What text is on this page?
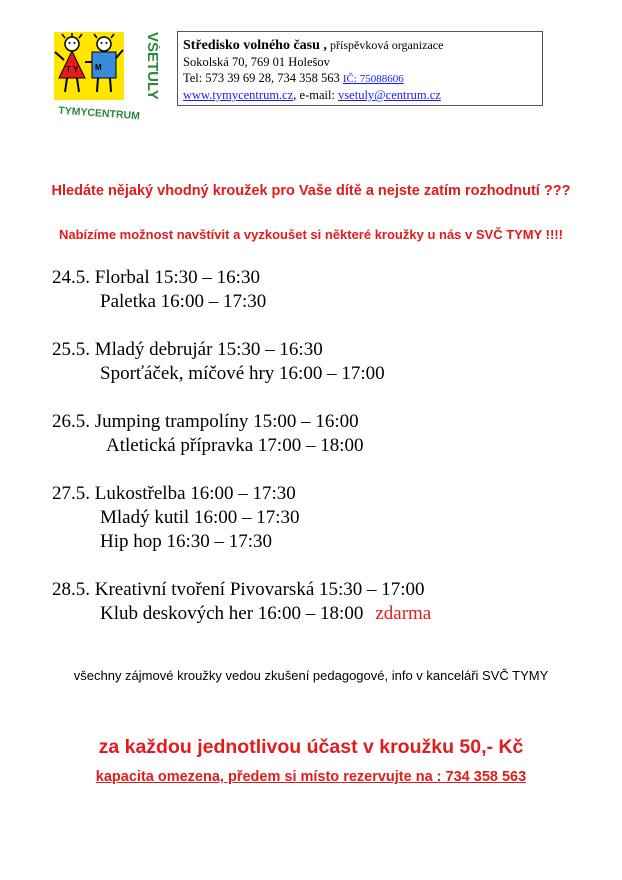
T Y M	VŠETULY
TYMYCENTRUM
Středisko volného času , příspěvková organizace
Sokolská 70, 769 01 Holešov
Tel: 573 39 69 28, 734 358 563 IČ: 75088606
www.tymycentrum.cz, e-mail: vsetuly@centrum.cz
Hledáte nějaký vhodný kroužek pro Vaše dítě a nejste zatím rozhodnutí ???
Nabízíme možnost navštívit a vyzkoušet si některé kroužky u nás v SVČ TYMY !!!!
24.5. Florbal 15:30 – 16:30
Paletka 16:00 – 17:30
25.5. Mladý debrujár 15:30 – 16:30
Sporťáček, míčové hry 16:00 – 17:00
26.5. Jumping trampolíny 15:00 – 16:00
Atletická přípravka 17:00 – 18:00
27.5. Lukostřelba 16:00 – 17:30
Mladý kutil 16:00 – 17:30
Hip hop 16:30 – 17:30
28.5. Kreativní tvoření Pivovarská 15:30 – 17:00
Klub deskových her 16:00 – 18:00 zdarma
všechny zájmové kroužky vedou zkušení pedagogové, info v kanceláři SVČ TYMY
za každou jednotlivou účast v kroužku 50,- Kč
kapacita omezena, předem si místo rezervujte na : 734 358 563
